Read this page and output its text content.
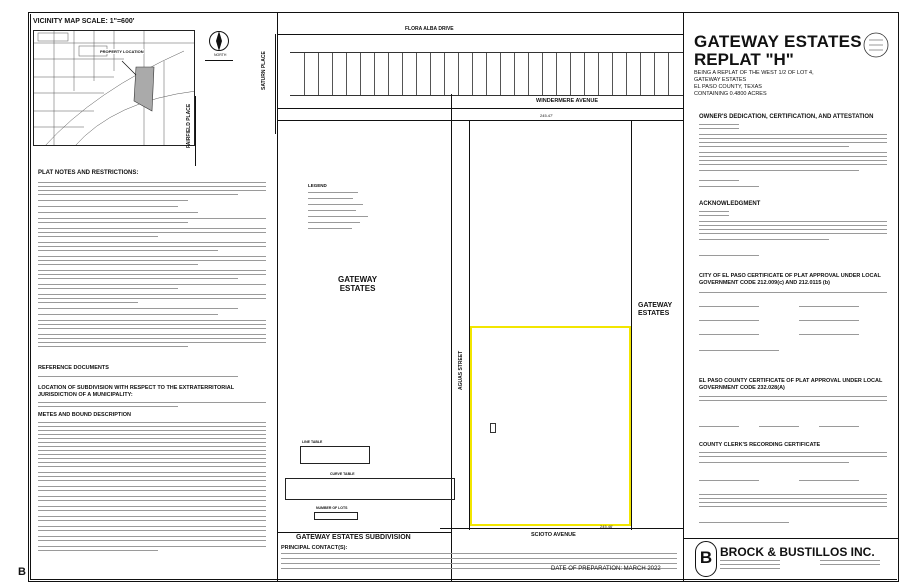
B
VICINITY MAP SCALE: 1"=600'
PROPERTY LOCATION
NORTH
PLAT NOTES AND RESTRICTIONS:
REFERENCE DOCUMENTS
LOCATION OF SUBDIVISION WITH RESPECT TO THE EXTRATERRITORIAL JURISDICTION OF A MUNICIPALITY:
METES AND BOUND DESCRIPTION
FLORA ALBA DRIVE
SATURN PLACE
FAIRFIELD PLACE
WINDERMERE AVENUE
AGUAS STREET
245.47'
GATEWAY
ESTATES
GATEWAY
ESTATES
LEGEND
SCIOTO AVENUE
245.46'
LINE TABLE
CURVE TABLE
NUMBER OF LOTS
GATEWAY ESTATES SUBDIVISION
PRINCIPAL CONTACT(S):
DATE OF PREPARATION: MARCH 2022
GATEWAY ESTATES
REPLAT "H"
BEING A REPLAT OF THE WEST 1/2 OF LOT 4,
GATEWAY ESTATES
EL PASO COUNTY, TEXAS
CONTAINING 0.4800 ACRES
OWNER'S DEDICATION, CERTIFICATION, AND ATTESTATION
ACKNOWLEDGMENT
CITY OF EL PASO CERTIFICATE OF PLAT APPROVAL UNDER LOCAL GOVERNMENT CODE 212.009(c) AND 212.0115 (b)
EL PASO COUNTY CERTIFICATE OF PLAT APPROVAL UNDER LOCAL GOVERNMENT CODE 232.028(A)
COUNTY CLERK'S RECORDING CERTIFICATE
B BROCK & BUSTILLOS INC.
